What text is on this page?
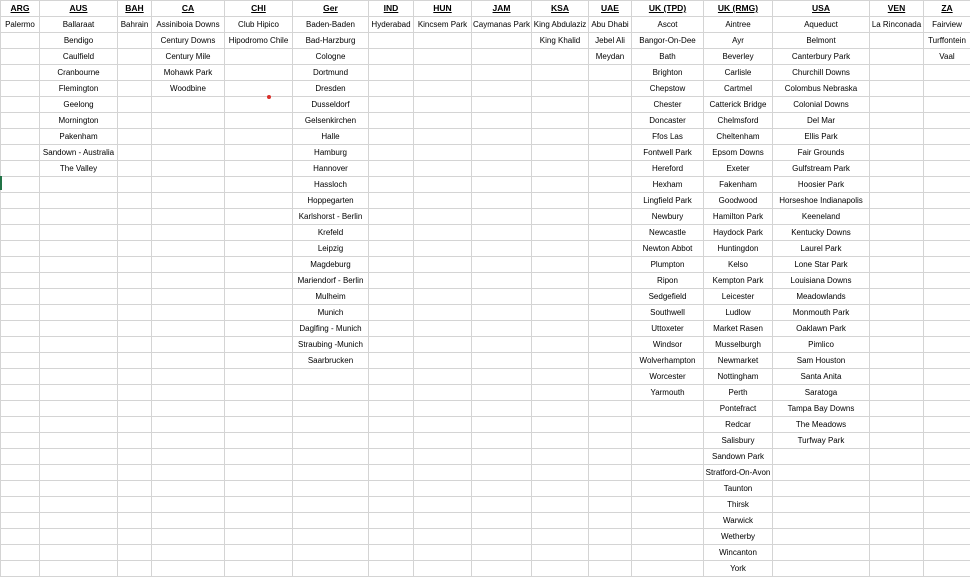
ARG	AUS	BAH	CA	CHI	Ger	IND	HUN	JAM	KSA	UAE	UK (TPD)	UK (RMG)	USA	VEN	ZA
Palermo	Ballaraat	Bahrain	Assiniboia Downs	Club Hipico	Baden-Baden	Hyderabad	Kincsem Park	Caymanas Park	King Abdulaziz	Abu Dhabi	Ascot	Aintree	Aqueduct	La Rinconada	Fairview
	Bendigo		Century Downs	Hipodromo Chile	Bad-Harzburg				King Khalid	Jebel Ali	Bangor-On-Dee	Ayr	Belmont		Turffontein
	Caulfield		Century Mile		Cologne					Meydan	Bath	Beverley	Canterbury Park		Vaal
	Cranbourne		Mohawk Park		Dortmund						Brighton	Carlisle	Churchill Downs		
	Flemington		Woodbine		Dresden						Chepstow	Cartmel	Colombus Nebraska		
	Geelong				Dusseldorf						Chester	Catterick Bridge	Colonial Downs		
	Mornington				Gelsenkirchen						Doncaster	Chelmsford	Del Mar		
	Pakenham				Halle						Ffos Las	Cheltenham	Ellis Park		
	Sandown - Australia				Hamburg						Fontwell Park	Epsom Downs	Fair Grounds		
	The Valley				Hannover						Hereford	Exeter	Gulfstream Park		
					Hassloch						Hexham	Fakenham	Hoosier Park		
					Hoppegarten						Lingfield Park	Goodwood	Horseshoe Indianapolis		
					Karlshorst - Berlin						Newbury	Hamilton Park	Keeneland		
					Krefeld						Newcastle	Haydock Park	Kentucky Downs		
					Leipzig						Newton Abbot	Huntingdon	Laurel Park		
					Magdeburg						Plumpton	Kelso	Lone Star Park		
					Mariendorf - Berlin						Ripon	Kempton Park	Louisiana Downs		
					Mulheim						Sedgefield	Leicester	Meadowlands		
					Munich						Southwell	Ludlow	Monmouth Park		
					Daglfing - Munich						Uttoxeter	Market Rasen	Oaklawn Park		
					Straubing -Munich						Windsor	Musselburgh	Pimlico		
					Saarbrucken						Wolverhampton	Newmarket	Sam Houston		
											Worcester	Nottingham	Santa Anita		
											Yarmouth	Perth	Saratoga		
												Pontefract	Tampa Bay Downs		
												Redcar	The Meadows		
												Salisbury	Turfway Park		
												Sandown Park			
												Stratford-On-Avon			
												Taunton			
												Thirsk			
												Warwick			
												Wetherby			
												Wincanton			
												York			
